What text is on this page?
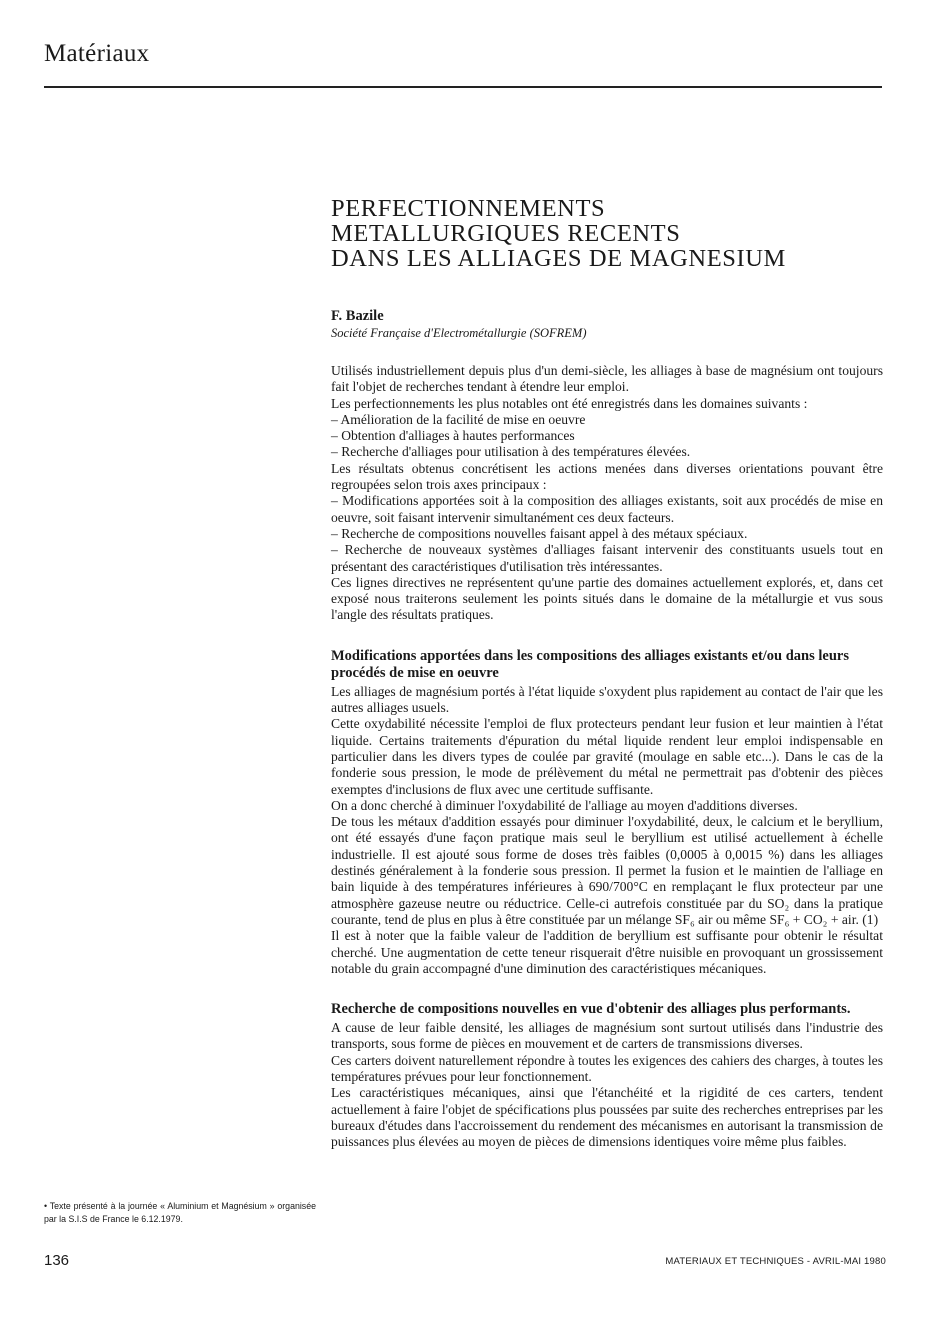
Matériaux
PERFECTIONNEMENTS
METALLURGIQUES RECENTS
DANS LES ALLIAGES DE MAGNESIUM
F. Bazile
Société Française d'Electrométallurgie (SOFREM)

Utilisés industriellement depuis plus d'un demi-siècle, les alliages à base de magnésium ont toujours fait l'objet de recherches tendant à étendre leur emploi.

Les perfectionnements les plus notables ont été enregistrés dans les domaines suivants :

– Amélioration de la facilité de mise en oeuvre

– Obtention d'alliages à hautes performances

– Recherche d'alliages pour utilisation à des températures élevées.

Les résultats obtenus concrétisent les actions menées dans diverses orientations pouvant être regroupées selon trois axes principaux :

– Modifications apportées soit à la composition des alliages existants, soit aux procédés de mise en oeuvre, soit faisant intervenir simultanément ces deux facteurs.

– Recherche de compositions nouvelles faisant appel à des métaux spéciaux.

– Recherche de nouveaux systèmes d'alliages faisant intervenir des constituants usuels tout en présentant des caractéristiques d'utilisation très intéressantes.

Ces lignes directives ne représentent qu'une partie des domaines actuellement explorés, et, dans cet exposé nous traiterons seulement les points situés dans le domaine de la métallurgie et vus sous l'angle des résultats pratiques.

Modifications apportées dans les compositions des alliages existants et/ou dans leurs procédés de mise en oeuvre

Les alliages de magnésium portés à l'état liquide s'oxydent plus rapidement au contact de l'air que les autres alliages usuels.

Cette oxydabilité nécessite l'emploi de flux protecteurs pendant leur fusion et leur maintien à l'état liquide. Certains traitements d'épuration du métal liquide rendent leur emploi indispensable en particulier dans les divers types de coulée par gravité (moulage en sable etc...). Dans le cas de la fonderie sous pression, le mode de prélèvement du métal ne permettrait pas d'obtenir des pièces exemptes d'inclusions de flux avec une certitude suffisante.

On a donc cherché à diminuer l'oxydabilité de l'alliage au moyen d'additions diverses.

De tous les métaux d'addition essayés pour diminuer l'oxydabilité, deux, le calcium et le beryllium, ont été essayés d'une façon pratique mais seul le beryllium est utilisé actuellement à échelle industrielle. Il est ajouté sous forme de doses très faibles (0,0005 à 0,0015 %) dans les alliages destinés généralement à la fonderie sous pression. Il permet la fusion et le maintien de l'alliage en bain liquide à des températures inférieures à 690/700°C en remplaçant le flux protecteur par une atmosphère gazeuse neutre ou réductrice. Celle-ci autrefois constituée par du SO₂ dans la pratique courante, tend de plus en plus à être constituée par un mélange SF₆ air ou même SF₆ + CO₂ + air. (1)

Il est à noter que la faible valeur de l'addition de beryllium est suffisante pour obtenir le résultat cherché. Une augmentation de cette teneur risquerait d'être nuisible en provoquant un grossissement notable du grain accompagné d'une diminution des caractéristiques mécaniques.

Recherche de compositions nouvelles en vue d'obtenir des alliages plus performants.

A cause de leur faible densité, les alliages de magnésium sont surtout utilisés dans l'industrie des transports, sous forme de pièces en mouvement et de carters de transmissions diverses.

Ces carters doivent naturellement répondre à toutes les exigences des cahiers des charges, à toutes les températures prévues pour leur fonctionnement.

Les caractéristiques mécaniques, ainsi que l'étanchéité et la rigidité de ces carters, tendent actuellement à faire l'objet de spécifications plus poussées par suite des recherches entreprises par les bureaux d'études dans l'accroissement du rendement des mécanismes en autorisant la transmission de puissances plus élevées au moyen de pièces de dimensions identiques voire même plus faibles.

• Texte présenté à la journée « Aluminium et Magnésium » organisée par la S.I.S de France le 6.12.1979.
136	MATERIAUX ET TECHNIQUES - AVRIL-MAI 1980
